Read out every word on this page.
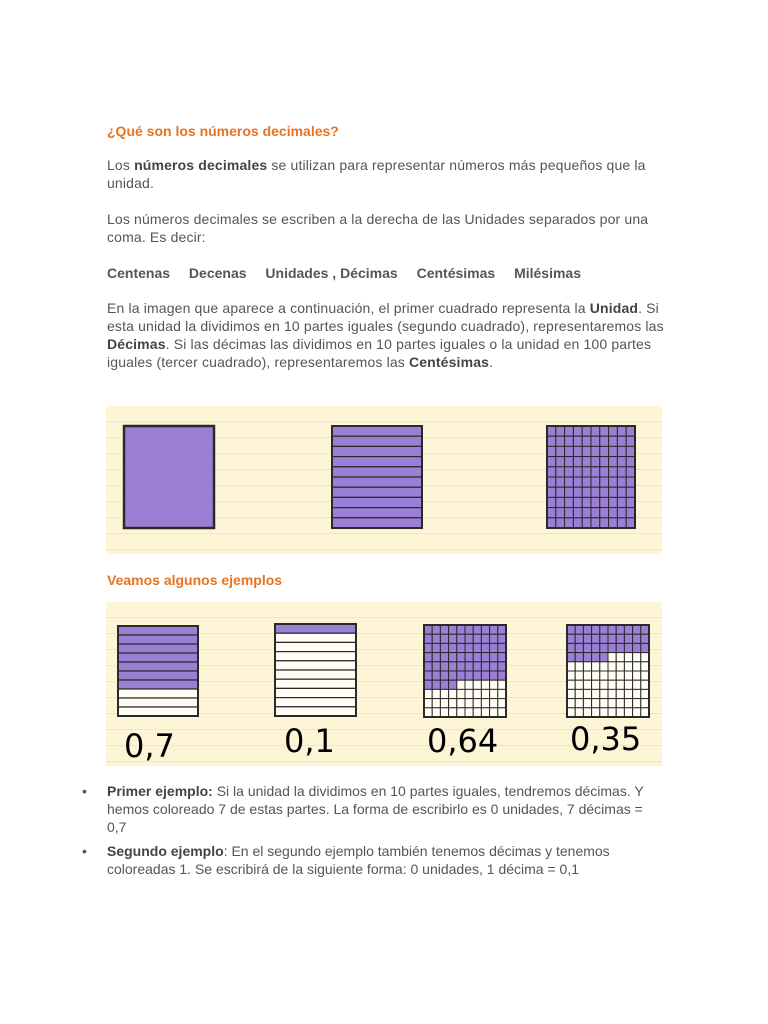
¿Qué son los números decimales?

Los números decimales se utilizan para representar números más pequeños que la unidad.

Los números decimales se escriben a la derecha de las Unidades separados por una coma. Es decir:

Centenas Decenas Unidades , Décimas Centésimas Milésimas

En la imagen que aparece a continuación, el primer cuadrado representa la Unidad. Si esta unidad la dividimos en 10 partes iguales (segundo cuadrado), representaremos las Décimas. Si las décimas las dividimos en 10 partes iguales o la unidad en 100 partes iguales (tercer cuadrado), representaremos las Centésimas.

Veamos algunos ejemplos
0,7	0,1	0,64 0,35
• Primer ejemplo: Si la unidad la dividimos en 10 partes iguales, tendremos décimas. Y hemos coloreado 7 de estas partes. La forma de escribirlo es 0 unidades, 7 décimas = 0,7
• Segundo ejemplo: En el segundo ejemplo también tenemos décimas y tenemos coloreadas 1. Se escribirá de la siguiente forma: 0 unidades, 1 décima = 0,1
